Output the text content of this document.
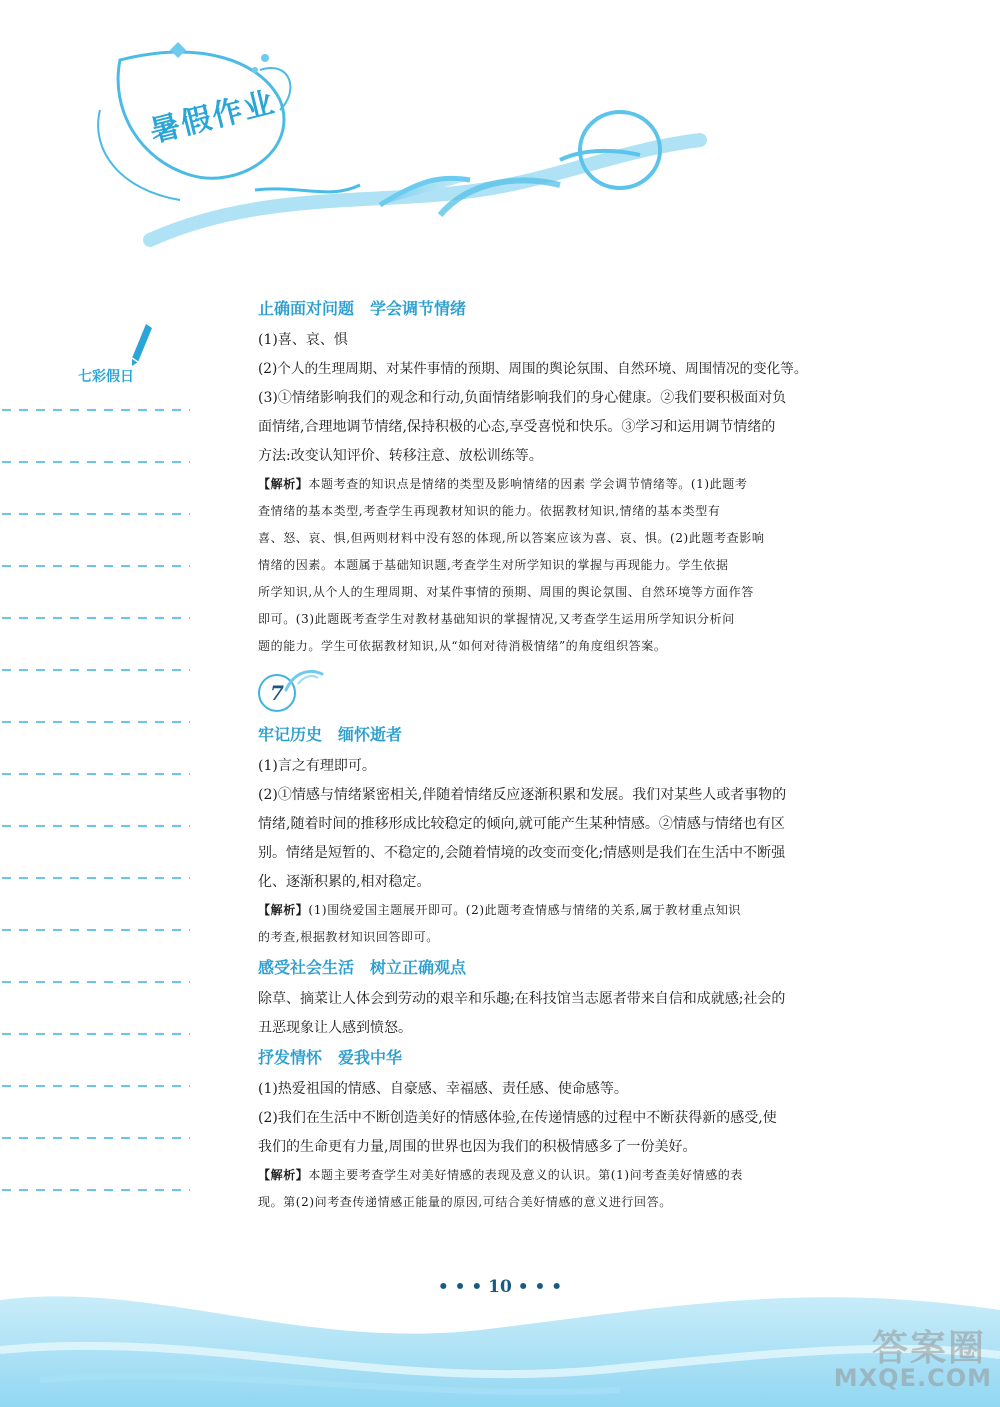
暑假作业
七彩假日
止确面对问题　学会调节情绪

(1)喜、哀、惧

(2)个人的生理周期、对某件事情的预期、周围的舆论氛围、自然环境、周围情况的变化等。

(3)①情绪影响我们的观念和行动,负面情绪影响我们的身心健康。②我们要积极面对负

面情绪,合理地调节情绪,保持积极的心态,享受喜悦和快乐。③学习和运用调节情绪的

方法:改变认知评价、转移注意、放松训练等。

【解析】本题考查的知识点是情绪的类型及影响情绪的因素 学会调节情绪等。(1)此题考

查情绪的基本类型,考查学生再现教材知识的能力。依据教材知识,情绪的基本类型有

喜、怒、哀、惧,但两则材料中没有怒的体现,所以答案应该为喜、哀、惧。(2)此题考查影响

情绪的因素。本题属于基础知识题,考查学生对所学知识的掌握与再现能力。学生依据

所学知识,从个人的生理周期、对某件事情的预期、周围的舆论氛围、自然环境等方面作答

即可。(3)此题既考查学生对教材基础知识的掌握情况,又考查学生运用所学知识分析问

题的能力。学生可依据教材知识,从“如何对待消极情绪”的角度组织答案。

7
牢记历史　缅怀逝者

(1)言之有理即可。

(2)①情感与情绪紧密相关,伴随着情绪反应逐渐积累和发展。我们对某些人或者事物的

情绪,随着时间的推移形成比较稳定的倾向,就可能产生某种情感。②情感与情绪也有区

别。情绪是短暂的、不稳定的,会随着情境的改变而变化;情感则是我们在生活中不断强

化、逐渐积累的,相对稳定。

【解析】(1)围绕爱国主题展开即可。(2)此题考查情感与情绪的关系,属于教材重点知识

的考查,根据教材知识回答即可。

感受社会生活　树立正确观点

除草、摘菜让人体会到劳动的艰辛和乐趣;在科技馆当志愿者带来自信和成就感;社会的

丑恶现象让人感到愤怒。

抒发情怀　爱我中华

(1)热爱祖国的情感、自豪感、幸福感、责任感、使命感等。

(2)我们在生活中不断创造美好的情感体验,在传递情感的过程中不断获得新的感受,使

我们的生命更有力量,周围的世界也因为我们的积极情感多了一份美好。

【解析】本题主要考查学生对美好情感的表现及意义的认识。第(1)问考查美好情感的表

现。第(2)问考查传递情感正能量的原因,可结合美好情感的意义进行回答。

• • • 10 • • •
答案圈
MXQE.COM
